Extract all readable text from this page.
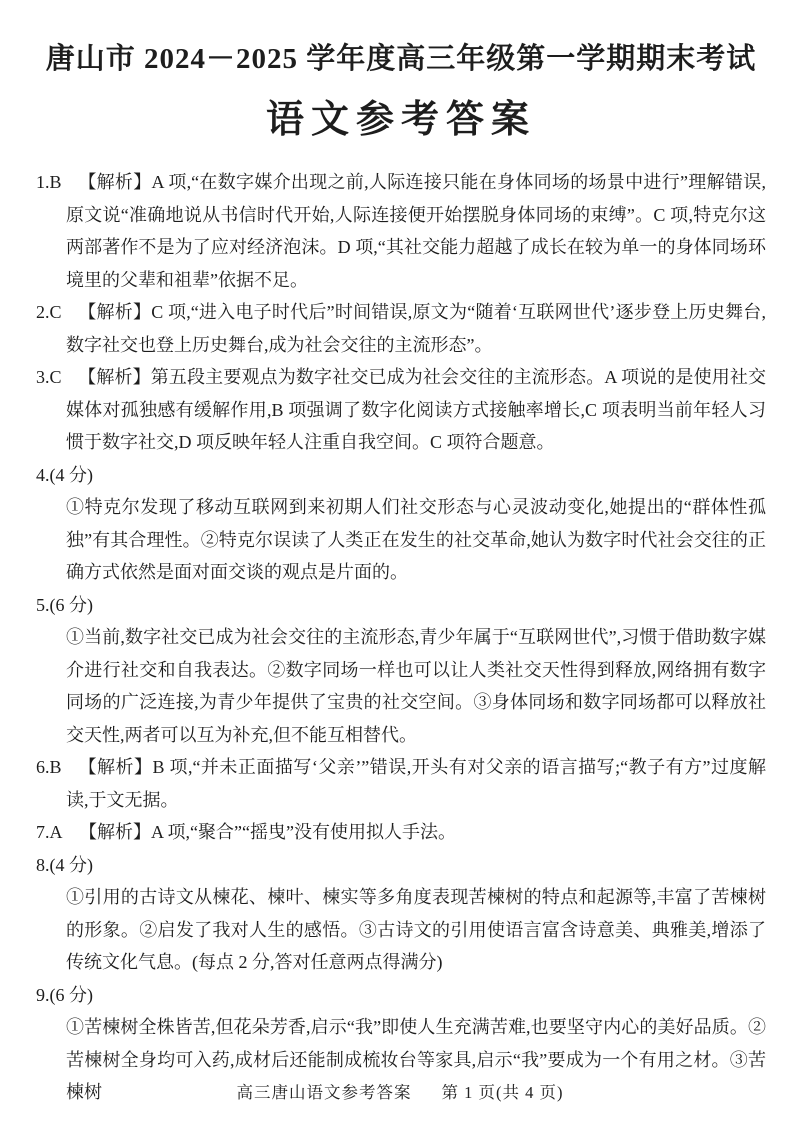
唐山市 2024－2025 学年度高三年级第一学期期末考试
语文参考答案

1.B 【解析】A 项,“在数字媒介出现之前,人际连接只能在身体同场的场景中进行”理解错误,原文说“准确地说从书信时代开始,人际连接便开始摆脱身体同场的束缚”。C 项,特克尔这两部著作不是为了应对经济泡沫。D 项,“其社交能力超越了成长在较为单一的身体同场环境里的父辈和祖辈”依据不足。

2.C 【解析】C 项,“进入电子时代后”时间错误,原文为“随着‘互联网世代’逐步登上历史舞台,数字社交也登上历史舞台,成为社会交往的主流形态”。

3.C 【解析】第五段主要观点为数字社交已成为社会交往的主流形态。A 项说的是使用社交媒体对孤独感有缓解作用,B 项强调了数字化阅读方式接触率增长,C 项表明当前年轻人习惯于数字社交,D 项反映年轻人注重自我空间。C 项符合题意。

4.(4 分)

①特克尔发现了移动互联网到来初期人们社交形态与心灵波动变化,她提出的“群体性孤独”有其合理性。②特克尔误读了人类正在发生的社交革命,她认为数字时代社会交往的正确方式依然是面对面交谈的观点是片面的。

5.(6 分)

①当前,数字社交已成为社会交往的主流形态,青少年属于“互联网世代”,习惯于借助数字媒介进行社交和自我表达。②数字同场一样也可以让人类社交天性得到释放,网络拥有数字同场的广泛连接,为青少年提供了宝贵的社交空间。③身体同场和数字同场都可以释放社交天性,两者可以互为补充,但不能互相替代。

6.B 【解析】B 项,“并未正面描写‘父亲’”错误,开头有对父亲的语言描写;“教子有方”过度解读,于文无据。

7.A 【解析】A 项,“聚合”“摇曳”没有使用拟人手法。

8.(4 分)

①引用的古诗文从楝花、楝叶、楝实等多角度表现苦楝树的特点和起源等,丰富了苦楝树的形象。②启发了我对人生的感悟。③古诗文的引用使语言富含诗意美、典雅美,增添了传统文化气息。(每点 2 分,答对任意两点得满分)

9.(6 分)

①苦楝树全株皆苦,但花朵芳香,启示“我”即使人生充满苦难,也要坚守内心的美好品质。②苦楝树全身均可入药,成材后还能制成梳妆台等家具,启示“我”要成为一个有用之材。③苦楝树	高三唐山语文参考答案 第 1 页(共 4 页)
